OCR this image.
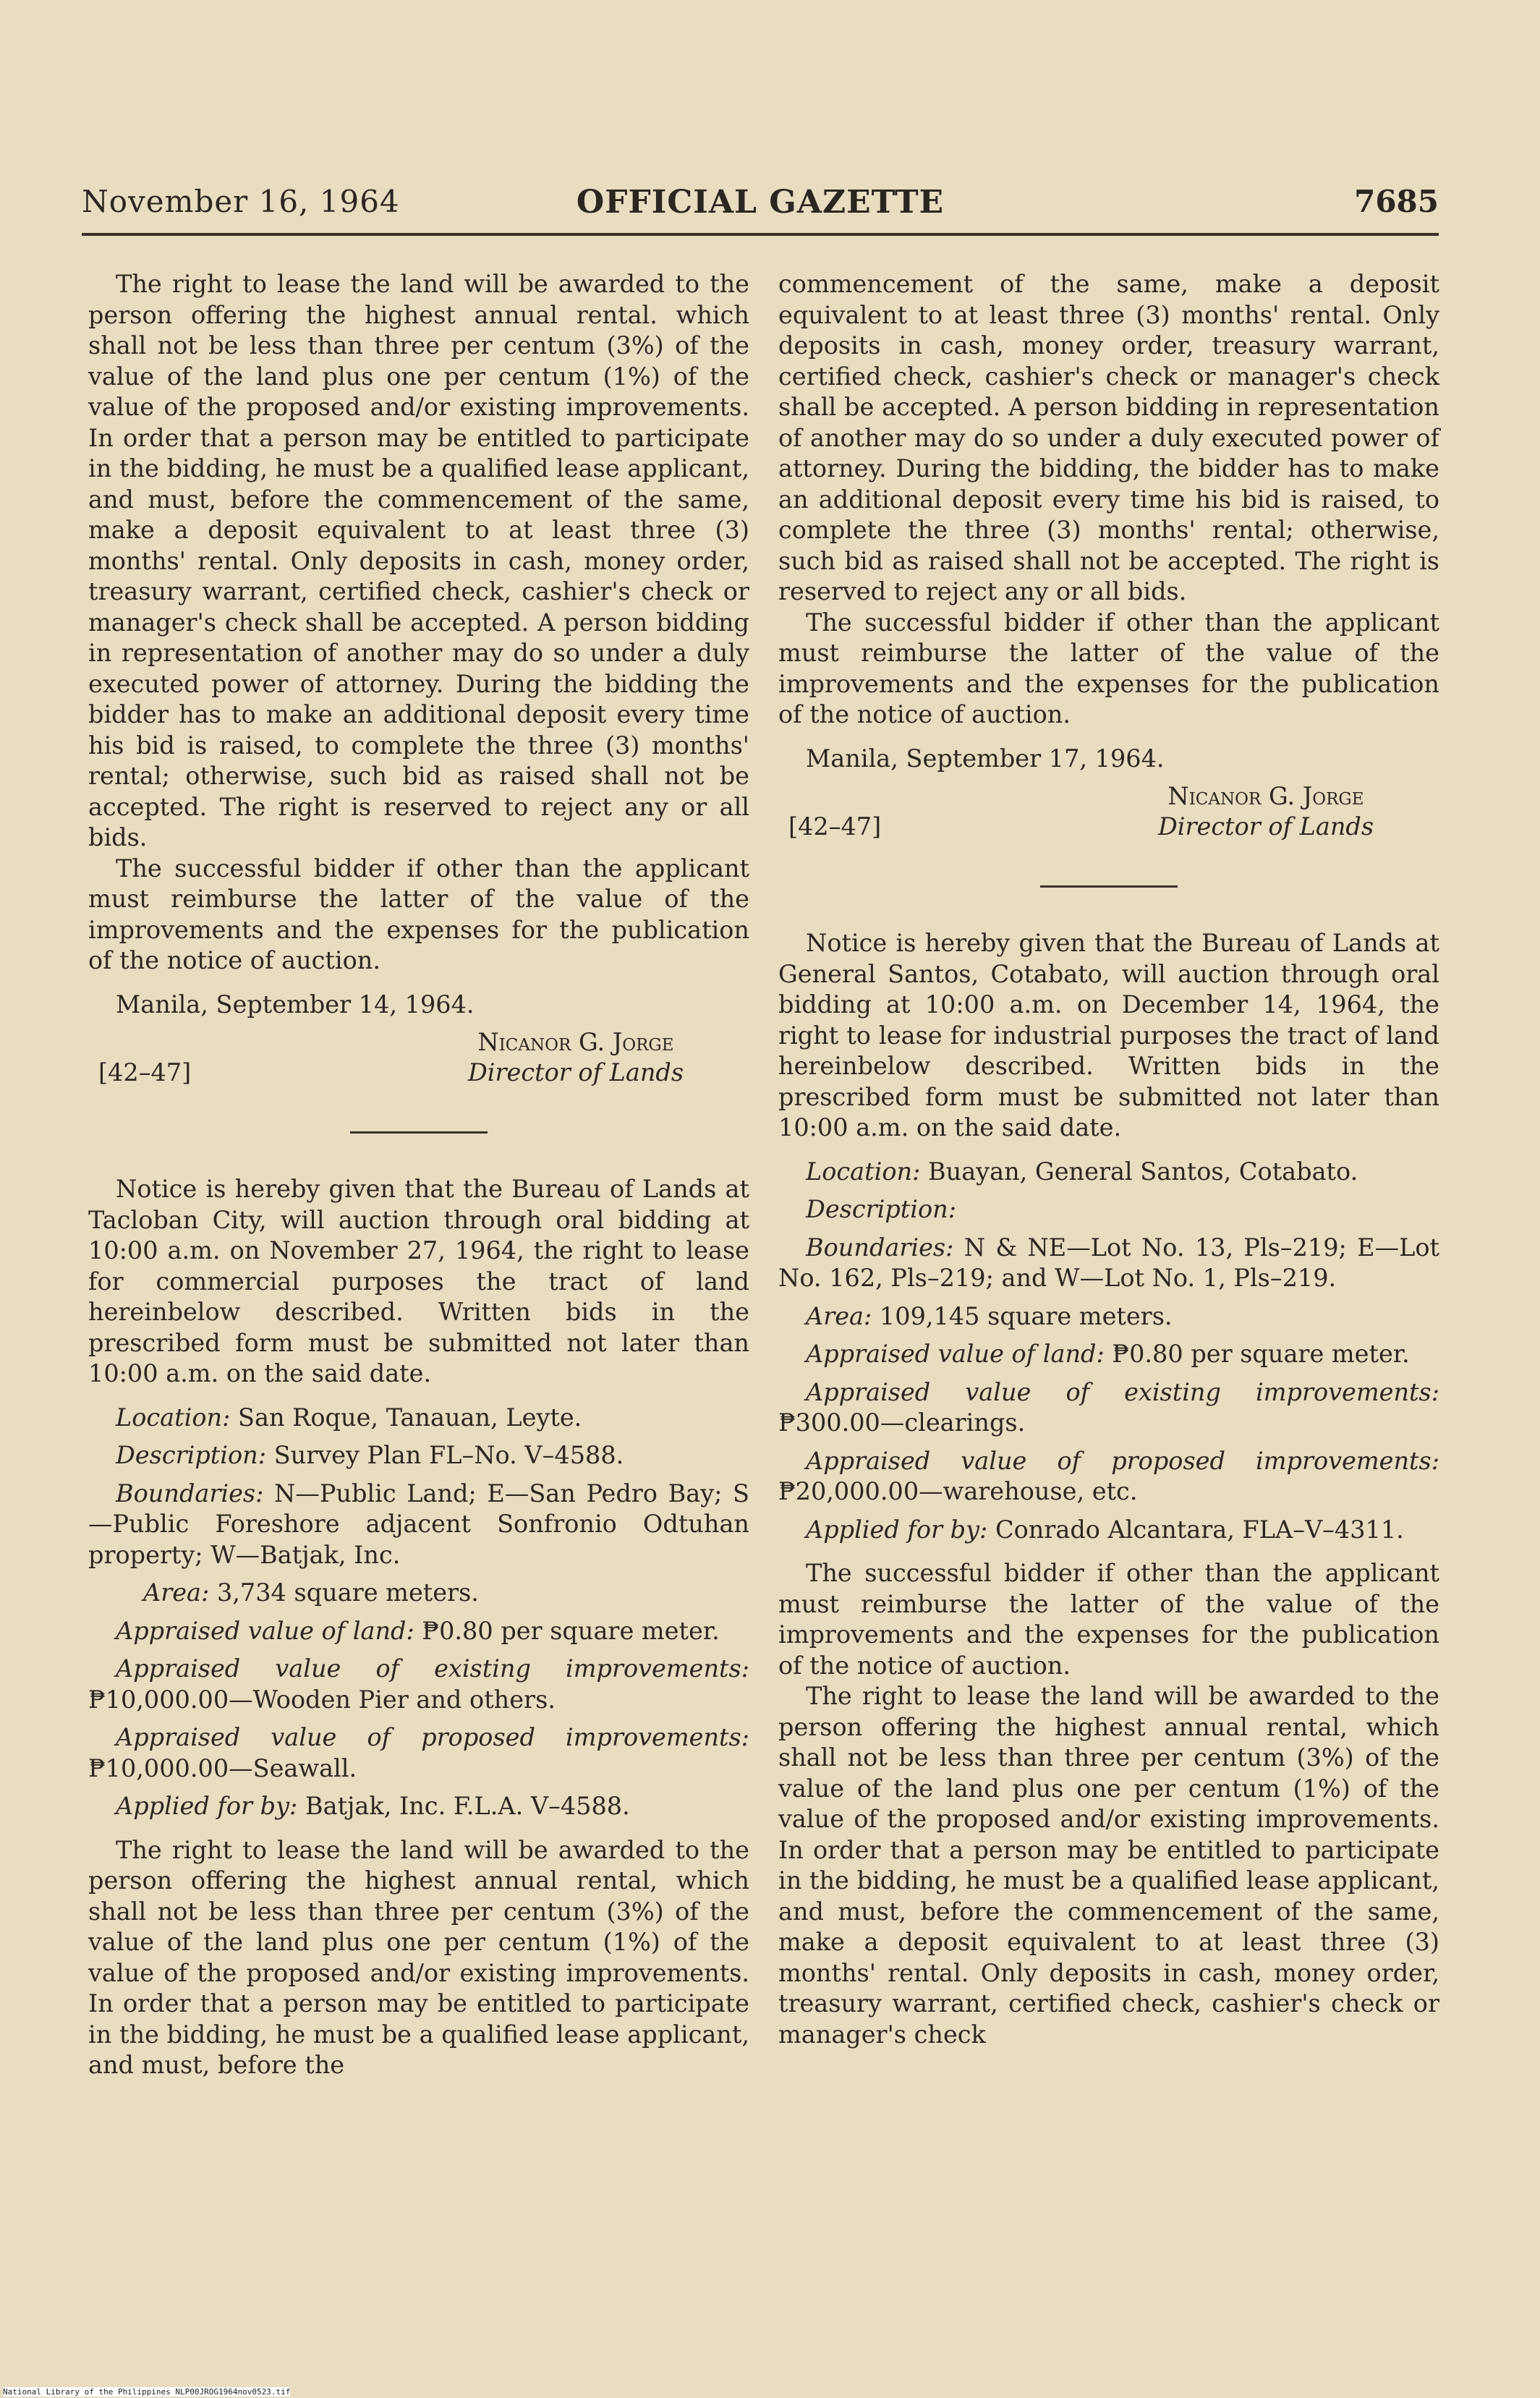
November 16, 1964	OFFICIAL GAZETTE	7685

The right to lease the land will be awarded to the person offering the highest annual rental. which shall not be less than three per centum (3%) of the value of the land plus one per centum (1%) of the value of the proposed and/or existing improvements. In order that a person may be entitled to participate in the bidding, he must be a qualified lease applicant, and must, before the commencement of the same, make a deposit equivalent to at least three (3) months' rental. Only deposits in cash, money order, treasury warrant, certified check, cashier's check or manager's check shall be accepted. A person bidding in representation of another may do so under a duly executed power of attorney. During the bidding the bidder has to make an additional deposit every time his bid is raised, to complete the three (3) months' rental; otherwise, such bid as raised shall not be accepted. The right is reserved to reject any or all bids.

The successful bidder if other than the applicant must reimburse the latter of the value of the improvements and the expenses for the publication of the notice of auction.

Manila, September 14, 1964.

Nicanor G. Jorge
Director of Lands
[42–47]

Notice is hereby given that the Bureau of Lands at Tacloban City, will auction through oral bidding at 10:00 a.m. on November 27, 1964, the right to lease for commercial purposes the tract of land hereinbelow described. Written bids in the prescribed form must be submitted not later than 10:00 a.m. on the said date.

Location: San Roque, Tanauan, Leyte.

Description: Survey Plan FL–No. V–4588.

Boundaries: N—Public Land; E—San Pedro Bay; S—Public Foreshore adjacent Sonfronio Odtuhan property; W—Batjak, Inc.

Area: 3,734 square meters.

Appraised value of land: ₱0.80 per square meter.

Appraised value of existing improvements: ₱10,000.00—Wooden Pier and others.

Appraised value of proposed improvements: ₱10,000.00—Seawall.

Applied for by: Batjak, Inc. F.L.A. V–4588.

The right to lease the land will be awarded to the person offering the highest annual rental, which shall not be less than three per centum (3%) of the value of the land plus one per centum (1%) of the value of the proposed and/or existing improvements. In order that a person may be entitled to participate in the bidding, he must be a qualified lease applicant, and must, before the

commencement of the same, make a deposit equivalent to at least three (3) months' rental. Only deposits in cash, money order, treasury warrant, certified check, cashier's check or manager's check shall be accepted. A person bidding in representation of another may do so under a duly executed power of attorney. During the bidding, the bidder has to make an additional deposit every time his bid is raised, to complete the three (3) months' rental; otherwise, such bid as raised shall not be accepted. The right is reserved to reject any or all bids.

The successful bidder if other than the applicant must reimburse the latter of the value of the improvements and the expenses for the publication of the notice of auction.

Manila, September 17, 1964.

Nicanor G. Jorge
Director of Lands
[42–47]

Notice is hereby given that the Bureau of Lands at General Santos, Cotabato, will auction through oral bidding at 10:00 a.m. on December 14, 1964, the right to lease for industrial purposes the tract of land hereinbelow described. Written bids in the prescribed form must be submitted not later than 10:00 a.m. on the said date.

Location: Buayan, General Santos, Cotabato.

Description:

Boundaries: N & NE—Lot No. 13, Pls–219; E—Lot No. 162, Pls–219; and W—Lot No. 1, Pls–219.

Area: 109,145 square meters.

Appraised value of land: ₱0.80 per square meter.

Appraised value of existing improvements: ₱300.00—clearings.

Appraised value of proposed improvements: ₱20,000.00—warehouse, etc.

Applied for by: Conrado Alcantara, FLA–V–4311.

The successful bidder if other than the applicant must reimburse the latter of the value of the improvements and the expenses for the publication of the notice of auction.

The right to lease the land will be awarded to the person offering the highest annual rental, which shall not be less than three per centum (3%) of the value of the land plus one per centum (1%) of the value of the proposed and/or existing improvements. In order that a person may be entitled to participate in the bidding, he must be a qualified lease applicant, and must, before the commencement of the same, make a deposit equivalent to at least three (3) months' rental. Only deposits in cash, money order, treasury warrant, certified check, cashier's check or manager's check

National Library of the Philippines NLP00JROG1964nov0523.tif
